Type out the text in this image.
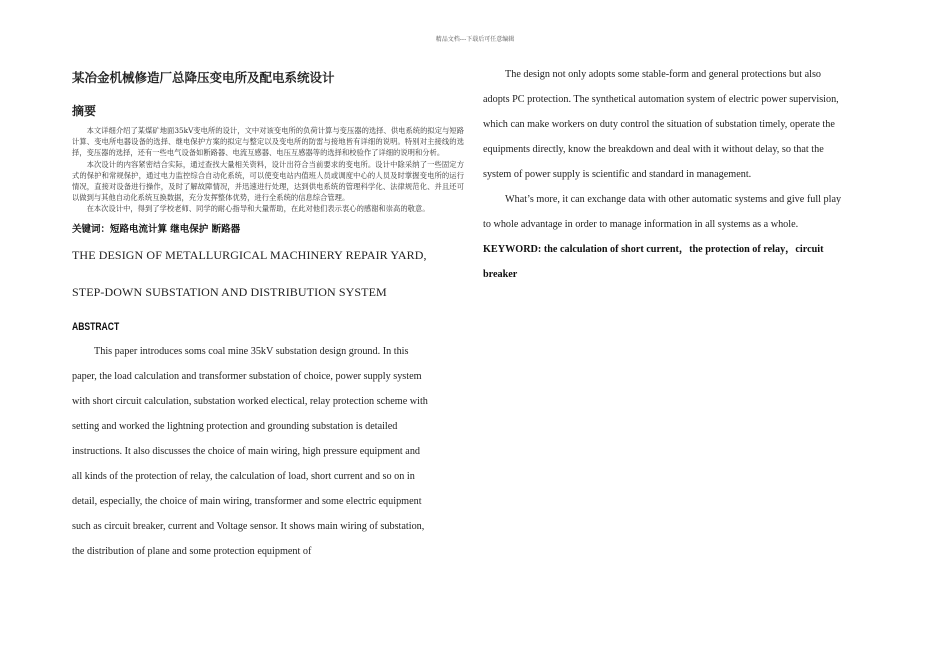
精品文档---下载后可任意编辑
某冶金机械修造厂总降压变电所及配电系统设计
摘要

本文详细介绍了某煤矿地面35kV变电所的设计，文中对该变电所的负荷计算与变压器的选择、供电系统的拟定与短路计算、变电所电器设备的选择、继电保护方案的拟定与整定以及变电所的防雷与接地皆有详细的说明。特别对主接线的选择，变压器的选择，还有一些电气设备如断路器、电流互感器、电压互感器等的选择和校验作了详细的说明和分析。

本次设计的内容紧密结合实际，通过查找大量相关资料，设计出符合当前要求的变电所。设计中除采纳了一些固定方式的保护和常规保护，通过电力监控综合自动化系统，可以使变电站内值班人员或调度中心的人员及时掌握变电所的运行情况，直接对设备进行操作，及时了解故障情况，并迅速进行处理，达到供电系统的管理科学化、法律规范化、并且还可以做到与其他自动化系统互换数据，充分发挥整体优势，进行全系统的信息综合管理。

在本次设计中，得到了学校老师、同学的耐心指导和大量帮助，在此对他们表示衷心的感谢和崇高的敬意。

关键词：短路电流计算 继电保护 断路器

THE DESIGN OF METALLURGICAL MACHINERY REPAIR YARD,
STEP-DOWN SUBSTATION AND DISTRIBUTION SYSTEM
ABSTRACT
This paper introduces soms coal mine 35kV substation design ground. In this
paper, the load calculation and transformer substation of choice, power supply system
with short circuit calculation, substation worked electical, relay protection scheme with
setting and worked the lightning protection and grounding substation is detailed
instructions. It also discusses the choice of main wiring, high pressure equipment and
all kinds of the protection of relay, the calculation of load, short current and so on in
detail, especially, the choice of main wiring, transformer and some electric equipment
such as circuit breaker, current and Voltage sensor. It shows main wiring of substation,
the distribution of plane and some protection equipment of
The design not only adopts some stable-form and general protections but also
adopts PC protection. The synthetical automation system of electric power supervision,
which can make workers on duty control the situation of substation timely, operate the
equipments directly, know the breakdown and deal with it without delay, so that the
system of power supply is scientific and standard in management.
What’s more, it can exchange data with other automatic systems and give full play
to whole advantage in order to manage information in all systems as a whole.
KEYWORD: the calculation of short current，the protection of relay，circuit
breaker
